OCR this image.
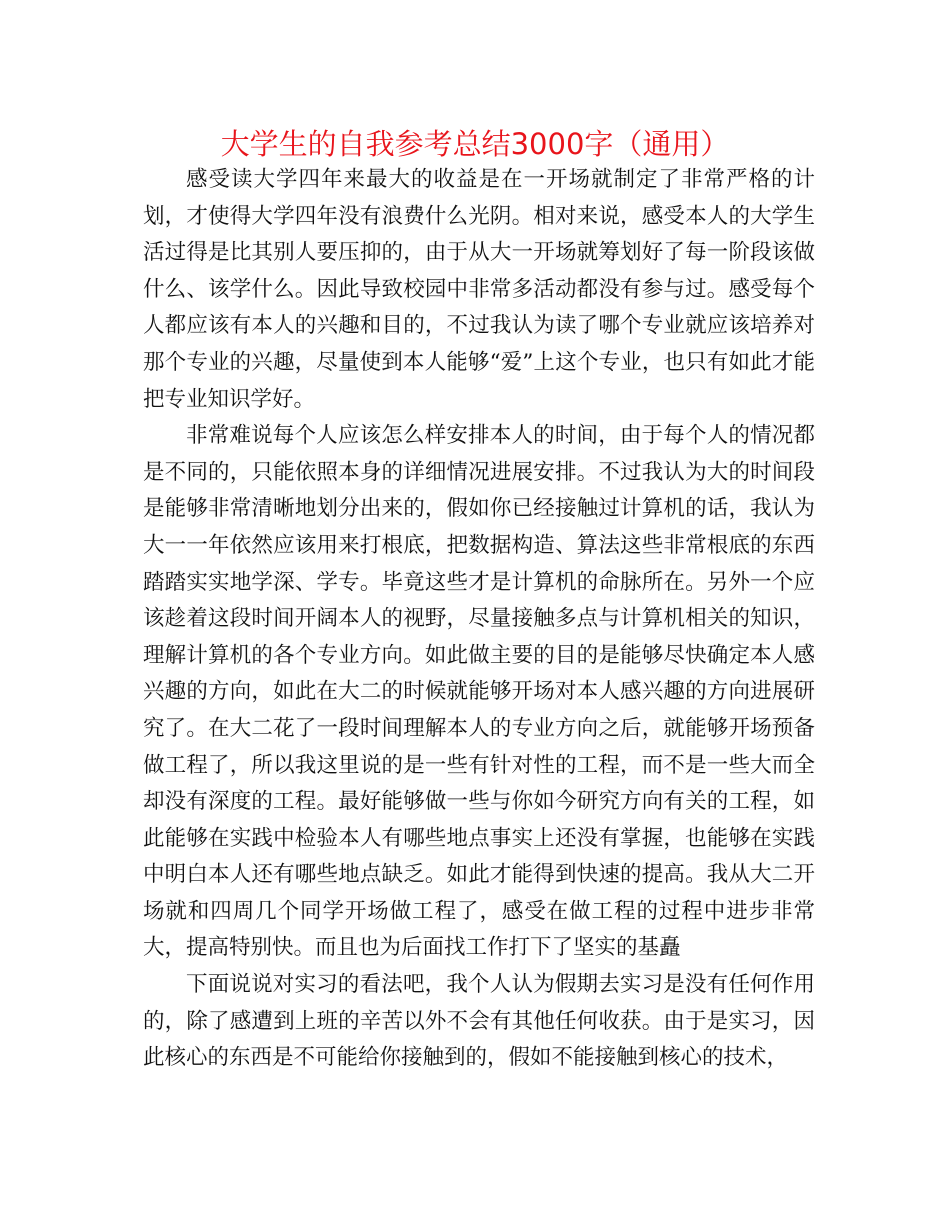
大学生的自我参考总结3000字（通用）

感受读大学四年来最大的收益是在一开场就制定了非常严格的计划，才使得大学四年没有浪费什么光阴。相对来说，感受本人的大学生活过得是比其别人要压抑的，由于从大一开场就筹划好了每一阶段该做什么、该学什么。因此导致校园中非常多活动都没有参与过。感受每个人都应该有本人的兴趣和目的，不过我认为读了哪个专业就应该培养对那个专业的兴趣，尽量使到本人能够“爱”上这个专业，也只有如此才能把专业知识学好。

非常难说每个人应该怎么样安排本人的时间，由于每个人的情况都是不同的，只能依照本身的详细情况进展安排。不过我认为大的时间段是能够非常清晰地划分出来的，假如你已经接触过计算机的话，我认为大一一年依然应该用来打根底，把数据构造、算法这些非常根底的东西踏踏实实地学深、学专。毕竟这些才是计算机的命脉所在。另外一个应该趁着这段时间开阔本人的视野，尽量接触多点与计算机相关的知识，理解计算机的各个专业方向。如此做主要的目的是能够尽快确定本人感兴趣的方向，如此在大二的时候就能够开场对本人感兴趣的方向进展研究了。在大二花了一段时间理解本人的专业方向之后，就能够开场预备做工程了，所以我这里说的是一些有针对性的工程，而不是一些大而全却没有深度的工程。最好能够做一些与你如今研究方向有关的工程，如此能够在实践中检验本人有哪些地点事实上还没有掌握，也能够在实践中明白本人还有哪些地点缺乏。如此才能得到快速的提高。我从大二开场就和四周几个同学开场做工程了，感受在做工程的过程中进步非常大，提高特别快。而且也为后面找工作打下了坚实的基矗

下面说说对实习的看法吧，我个人认为假期去实习是没有任何作用的，除了感遭到上班的辛苦以外不会有其他任何收获。由于是实习，因此核心的东西是不可能给你接触到的，假如不能接触到核心的技术，
